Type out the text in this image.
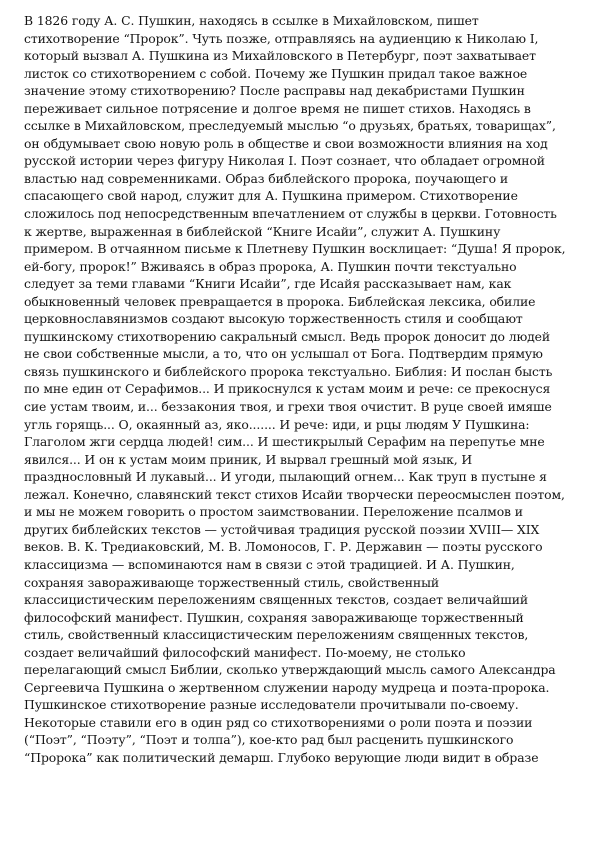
В 1826 году А. С. Пушкин, находясь в ссылке в Михайловском, пишет
стихотворение “Пророк”. Чуть позже, отправляясь на аудиенцию к Николаю I,
который вызвал А. Пушкина из Михайловского в Петербург, поэт захватывает
листок со стихотворением с собой. Почему же Пушкин придал такое важное
значение этому стихотворению? После расправы над декабристами Пушкин
переживает сильное потрясение и долгое время не пишет стихов. Находясь в
ссылке в Михайловском, преследуемый мыслью “о друзьях, братьях, товарищах”,
он обдумывает свою новую роль в обществе и свои возможности влияния на ход
русской истории через фигуру Николая I. Поэт сознает, что обладает огромной
властью над современниками. Образ библейского пророка, поучающего и
спасающего свой народ, служит для А. Пушкина примером. Стихотворение
сложилось под непосредственным впечатлением от службы в церкви. Готовность
к жертве, выраженная в библейской “Книге Исайи”, служит А. Пушкину
примером. В отчаянном письме к Плетневу Пушкин восклицает: “Душа! Я пророк,
ей-богу, пророк!” Вживаясь в образ пророка, А. Пушкин почти текстуально
следует за теми главами “Книги Исайи”, где Исайя рассказывает нам, как
обыкновенный человек превращается в пророка. Библейская лексика, обилие
церковнославянизмов создают высокую торжественность стиля и сообщают
пушкинскому стихотворению сакральный смысл. Ведь пророк доносит до людей
не свои собственные мысли, а то, что он услышал от Бога. Подтвердим прямую
связь пушкинского и библейского пророка текстуально. Библия: И послан бысть
по мне един от Серафимов... И прикоснулся к устам моим и рече: се прекоснуся
сие устам твоим, и... беззакония твоя, и грехи твоя очистит. В руце своей имяше
угль горящь... О, окаянный аз, яко....... И рече: иди, и рцы людям У Пушкина:
Глаголом жги сердца людей! сим... И шестикрылый Серафим на перепутье мне
явился... И он к устам моим приник, И вырвал грешный мой язык, И
празднословный И лукавый... И угоди, пылающий огнем... Как труп в пустыне я
лежал. Конечно, славянский текст стихов Исайи творчески переосмыслен поэтом,
и мы не можем говорить о простом заимствовании. Переложение псалмов и
других библейских текстов — устойчивая традиция русской поэзии XVIII— XIX
веков. В. К. Тредиаковский, М. В. Ломоносов, Г. Р. Державин — поэты русского
классицизма — вспоминаются нам в связи с этой традицией. И А. Пушкин,
сохраняя завораживающе торжественный стиль, свойственный
классицистическим переложениям священных текстов, создает величайший
философский манифест. Пушкин, сохраняя завораживающе торжественный
стиль, свойственный классицистическим переложениям священных текстов,
создает величайший философский манифест. По-моему, не столько
перелагающий смысл Библии, сколько утверждающий мысль самого Александра
Сергеевича Пушкина о жертвенном служении народу мудреца и поэта-пророка.
Пушкинское стихотворение разные исследователи прочитывали по-своему.
Некоторые ставили его в один ряд со стихотворениями о роли поэта и поэзии
(“Поэт”, “Поэту”, “Поэт и толпа”), кое-кто рад был расценить пушкинского
“Пророка” как политический демарш. Глубоко верующие люди видит в образе
